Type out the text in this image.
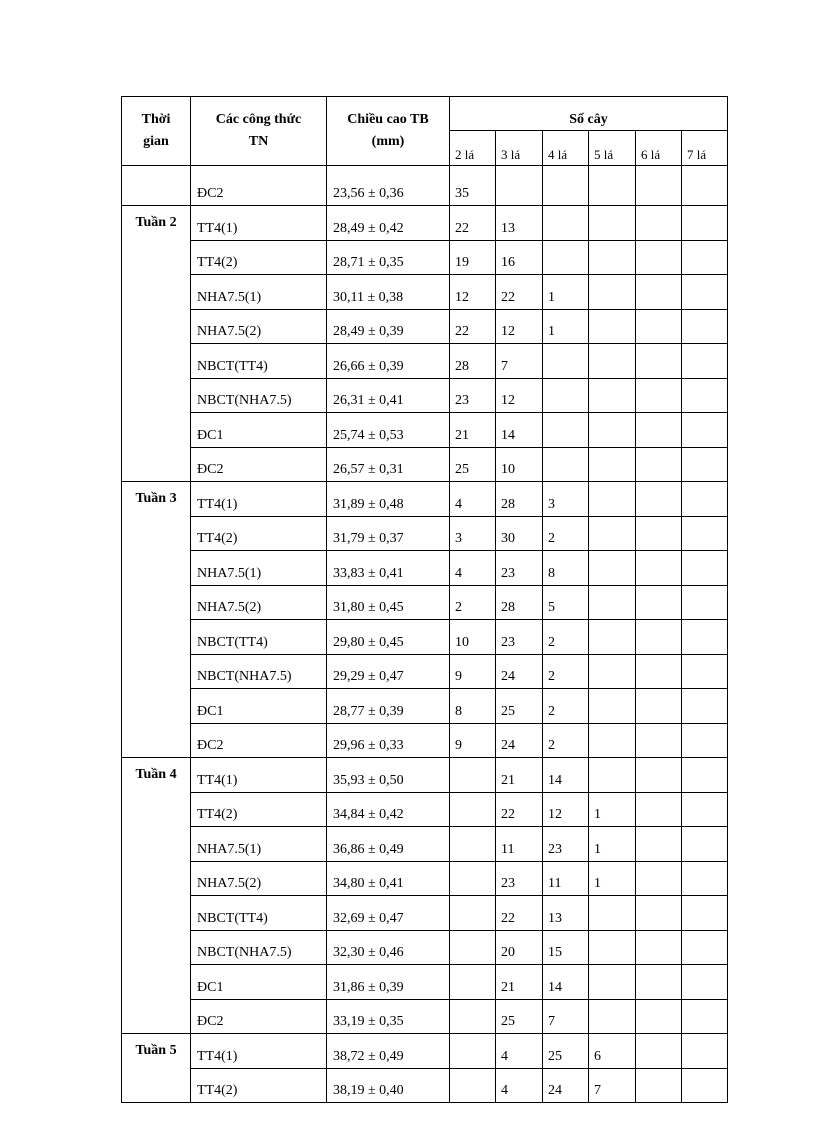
Thời	Các công thức	Chiều cao TB	Số cây					
gian	TN	(mm)	2 lá	3 lá	4 lá	5 lá	6 lá	7 lá
	ĐC2	23,56 ± 0,36	35					
Tuần 2	TT4(1)	28,49 ± 0,42	22	13				
	TT4(2)	28,71 ± 0,35	19	16				
	NHA7.5(1)	30,11 ± 0,38	12	22	1			
	NHA7.5(2)	28,49 ± 0,39	22	12	1			
	NBCT(TT4)	26,66 ± 0,39	28	7				
	NBCT(NHA7.5)	26,31 ± 0,41	23	12				
	ĐC1	25,74 ± 0,53	21	14				
	ĐC2	26,57 ± 0,31	25	10				
Tuần 3	TT4(1)	31,89 ± 0,48	4	28	3			
	TT4(2)	31,79 ± 0,37	3	30	2			
	NHA7.5(1)	33,83 ± 0,41	4	23	8			
	NHA7.5(2)	31,80 ± 0,45	2	28	5			
	NBCT(TT4)	29,80 ± 0,45	10	23	2			
	NBCT(NHA7.5)	29,29 ± 0,47	9	24	2			
	ĐC1	28,77 ± 0,39	8	25	2			
	ĐC2	29,96 ± 0,33	9	24	2			
Tuần 4	TT4(1)	35,93 ± 0,50		21	14			
	TT4(2)	34,84 ± 0,42		22	12	1		
	NHA7.5(1)	36,86 ± 0,49		11	23	1		
	NHA7.5(2)	34,80 ± 0,41		23	11	1		
	NBCT(TT4)	32,69 ± 0,47		22	13			
	NBCT(NHA7.5)	32,30 ± 0,46		20	15			
	ĐC1	31,86 ± 0,39		21	14			
	ĐC2	33,19 ± 0,35		25	7			
Tuần 5	TT4(1)	38,72 ± 0,49		4	25	6		
	TT4(2)	38,19 ± 0,40		4	24	7		
